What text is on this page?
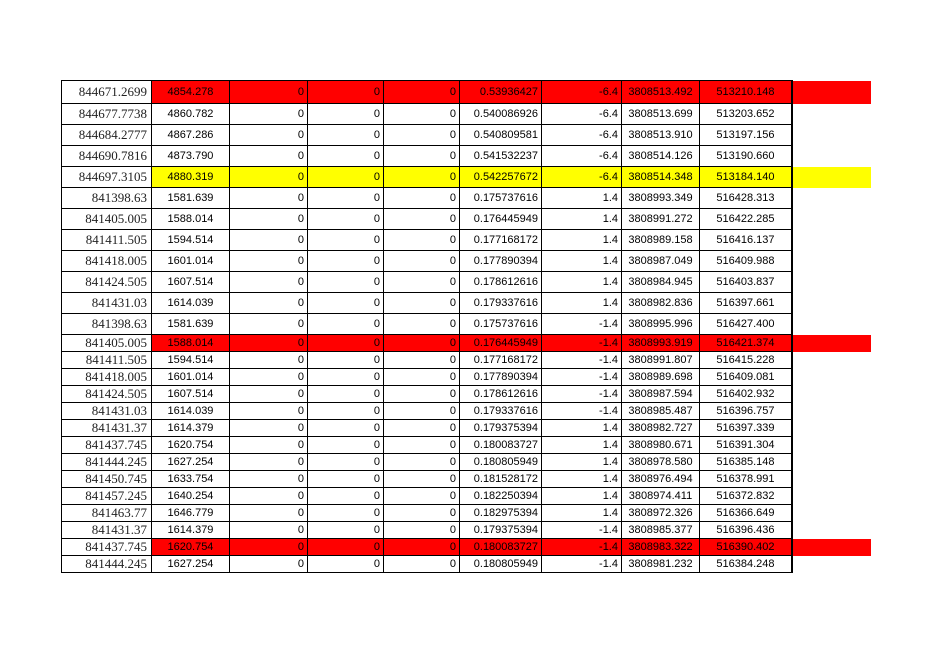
844671.2699	4854.278	0	0	0	0.53936427	-6.4	3808513.492	513210.148	
844677.7738	4860.782	0	0	0	0.540086926	-6.4	3808513.699	513203.652	
844684.2777	4867.286	0	0	0	0.540809581	-6.4	3808513.910	513197.156	
844690.7816	4873.790	0	0	0	0.541532237	-6.4	3808514.126	513190.660	
844697.3105	4880.319	0	0	0	0.542257672	-6.4	3808514.348	513184.140	
841398.63	1581.639	0	0	0	0.175737616	1.4	3808993.349	516428.313	
841405.005	1588.014	0	0	0	0.176445949	1.4	3808991.272	516422.285	
841411.505	1594.514	0	0	0	0.177168172	1.4	3808989.158	516416.137	
841418.005	1601.014	0	0	0	0.177890394	1.4	3808987.049	516409.988	
841424.505	1607.514	0	0	0	0.178612616	1.4	3808984.945	516403.837	
841431.03	1614.039	0	0	0	0.179337616	1.4	3808982.836	516397.661	
841398.63	1581.639	0	0	0	0.175737616	-1.4	3808995.996	516427.400	
841405.005	1588.014	0	0	0	0.176445949	-1.4	3808993.919	516421.374	
841411.505	1594.514	0	0	0	0.177168172	-1.4	3808991.807	516415.228	
841418.005	1601.014	0	0	0	0.177890394	-1.4	3808989.698	516409.081	
841424.505	1607.514	0	0	0	0.178612616	-1.4	3808987.594	516402.932	
841431.03	1614.039	0	0	0	0.179337616	-1.4	3808985.487	516396.757	
841431.37	1614.379	0	0	0	0.179375394	1.4	3808982.727	516397.339	
841437.745	1620.754	0	0	0	0.180083727	1.4	3808980.671	516391.304	
841444.245	1627.254	0	0	0	0.180805949	1.4	3808978.580	516385.148	
841450.745	1633.754	0	0	0	0.181528172	1.4	3808976.494	516378.991	
841457.245	1640.254	0	0	0	0.182250394	1.4	3808974.411	516372.832	
841463.77	1646.779	0	0	0	0.182975394	1.4	3808972.326	516366.649	
841431.37	1614.379	0	0	0	0.179375394	-1.4	3808985.377	516396.436	
841437.745	1620.754	0	0	0	0.180083727	-1.4	3808983.322	516390.402	
841444.245	1627.254	0	0	0	0.180805949	-1.4	3808981.232	516384.248	
